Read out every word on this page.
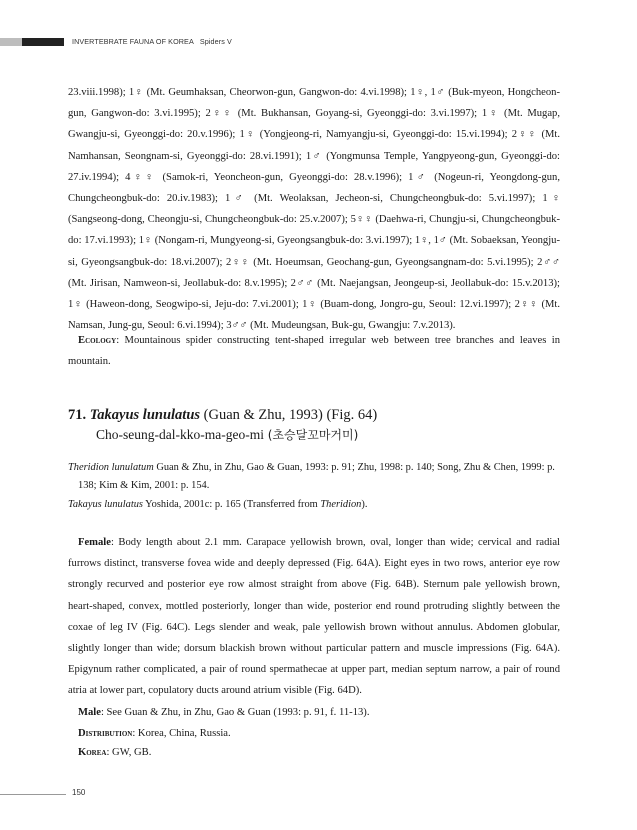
INVERTEBRATE FAUNA OF KOREA Spiders V

23.viii.1998); 1♀ (Mt. Geumhaksan, Cheorwon-gun, Gangwon-do: 4.vi.1998); 1♀, 1♂ (Buk-myeon, Hongcheon-gun, Gangwon-do: 3.vi.1995); 2♀♀ (Mt. Bukhansan, Goyang-si, Gyeonggi-do: 3.vi.1997); 1♀ (Mt. Mugap, Gwangju-si, Gyeonggi-do: 20.v.1996); 1♀ (Yongjeong-ri, Namyangju-si, Gyeonggi-do: 15.vi.1994); 2♀♀ (Mt. Namhansan, Seongnam-si, Gyeonggi-do: 28.vi.1991); 1♂ (Yongmunsa Temple, Yangpyeong-gun, Gyeonggi-do: 27.iv.1994); 4♀♀ (Samok-ri, Yeoncheon-gun, Gyeonggi-do: 28.v.1996); 1♂ (Nogeun-ri, Yeongdong-gun, Chungcheongbuk-do: 20.iv.1983); 1♂ (Mt. Weolaksan, Jecheon-si, Chungcheongbuk-do: 5.vi.1997); 1♀ (Sangseong-dong, Cheongju-si, Chungcheongbuk-do: 25.v.2007); 5♀♀ (Daehwa-ri, Chungju-si, Chungcheongbuk-do: 17.vi.1993); 1♀ (Nongam-ri, Mungyeong-si, Gyeongsangbuk-do: 3.vi.1997); 1♀, 1♂ (Mt. Sobaeksan, Yeongju-si, Gyeongsangbuk-do: 18.vi.2007); 2♀♀ (Mt. Hoeumsan, Geochang-gun, Gyeongsangnam-do: 5.vi.1995); 2♂♂ (Mt. Jirisan, Namweon-si, Jeollabuk-do: 8.v.1995); 2♂♂ (Mt. Naejangsan, Jeongeup-si, Jeollabuk-do: 15.v.2013); 1♀ (Haweon-dong, Seogwipo-si, Jeju-do: 7.vi.2001); 1♀ (Buam-dong, Jongro-gu, Seoul: 12.vi.1997); 2♀♀ (Mt. Namsan, Jung-gu, Seoul: 6.vi.1994); 3♂♂ (Mt. Mudeungsan, Buk-gu, Gwangju: 7.v.2013).

Ecology: Mountainous spider constructing tent-shaped irregular web between tree branches and leaves in mountain.

71. Takayus lunulatus (Guan & Zhu, 1993) (Fig. 64)
Cho-seung-dal-kko-ma-geo-mi (초승달꼬마거미)

Theridion lunulatum Guan & Zhu, in Zhu, Gao & Guan, 1993: p. 91; Zhu, 1998: p. 140; Song, Zhu & Chen, 1999: p. 138; Kim & Kim, 2001: p. 154.

Takayus lunulatus Yoshida, 2001c: p. 165 (Transferred from Theridion).

Female: Body length about 2.1 mm. Carapace yellowish brown, oval, longer than wide; cervical and radial furrows distinct, transverse fovea wide and deeply depressed (Fig. 64A). Eight eyes in two rows, anterior eye row strongly recurved and posterior eye row almost straight from above (Fig. 64B). Sternum pale yellowish brown, heart-shaped, convex, mottled posteriorly, longer than wide, posterior end round protruding slightly between the coxae of leg IV (Fig. 64C). Legs slender and weak, pale yellowish brown without annulus. Abdomen globular, slightly longer than wide; dorsum blackish brown without particular pattern and muscle impressions (Fig. 64A). Epigynum rather complicated, a pair of round spermathecae at upper part, median septum narrow, a pair of round atria at lower part, copulatory ducts around atrium visible (Fig. 64D).

Male: See Guan & Zhu, in Zhu, Gao & Guan (1993: p. 91, f. 11-13).

Distribution: Korea, China, Russia.

Korea: GW, GB.

150
